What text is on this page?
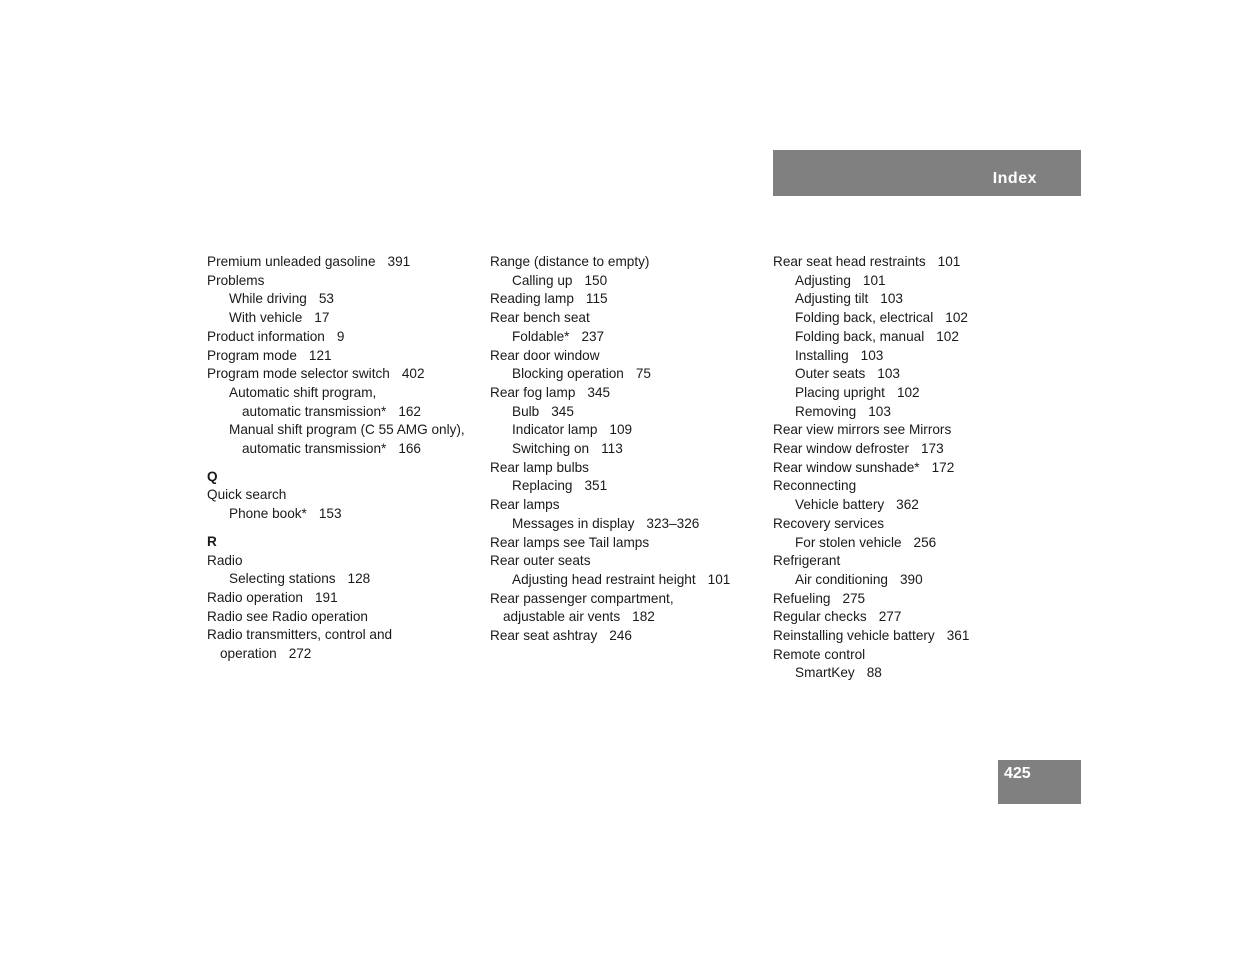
Index
Premium unleaded gasoline 391
Problems
While driving 53
With vehicle 17
Product information 9
Program mode 121
Program mode selector switch 402
Automatic shift program,
automatic transmission* 162
Manual shift program (C 55 AMG only),
automatic transmission* 166
Q
Quick search
Phone book* 153
R
Radio
Selecting stations 128
Radio operation 191
Radio see Radio operation
Radio transmitters, control and
operation 272
Range (distance to empty)
Calling up 150
Reading lamp 115
Rear bench seat
Foldable* 237
Rear door window
Blocking operation 75
Rear fog lamp 345
Bulb 345
Indicator lamp 109
Switching on 113
Rear lamp bulbs
Replacing 351
Rear lamps
Messages in display 323–326
Rear lamps see Tail lamps
Rear outer seats
Adjusting head restraint height 101
Rear passenger compartment,
adjustable air vents 182
Rear seat ashtray 246
Rear seat head restraints 101
Adjusting 101
Adjusting tilt 103
Folding back, electrical 102
Folding back, manual 102
Installing 103
Outer seats 103
Placing upright 102
Removing 103
Rear view mirrors see Mirrors
Rear window defroster 173
Rear window sunshade* 172
Reconnecting
Vehicle battery 362
Recovery services
For stolen vehicle 256
Refrigerant
Air conditioning 390
Refueling 275
Regular checks 277
Reinstalling vehicle battery 361
Remote control
SmartKey 88
425
